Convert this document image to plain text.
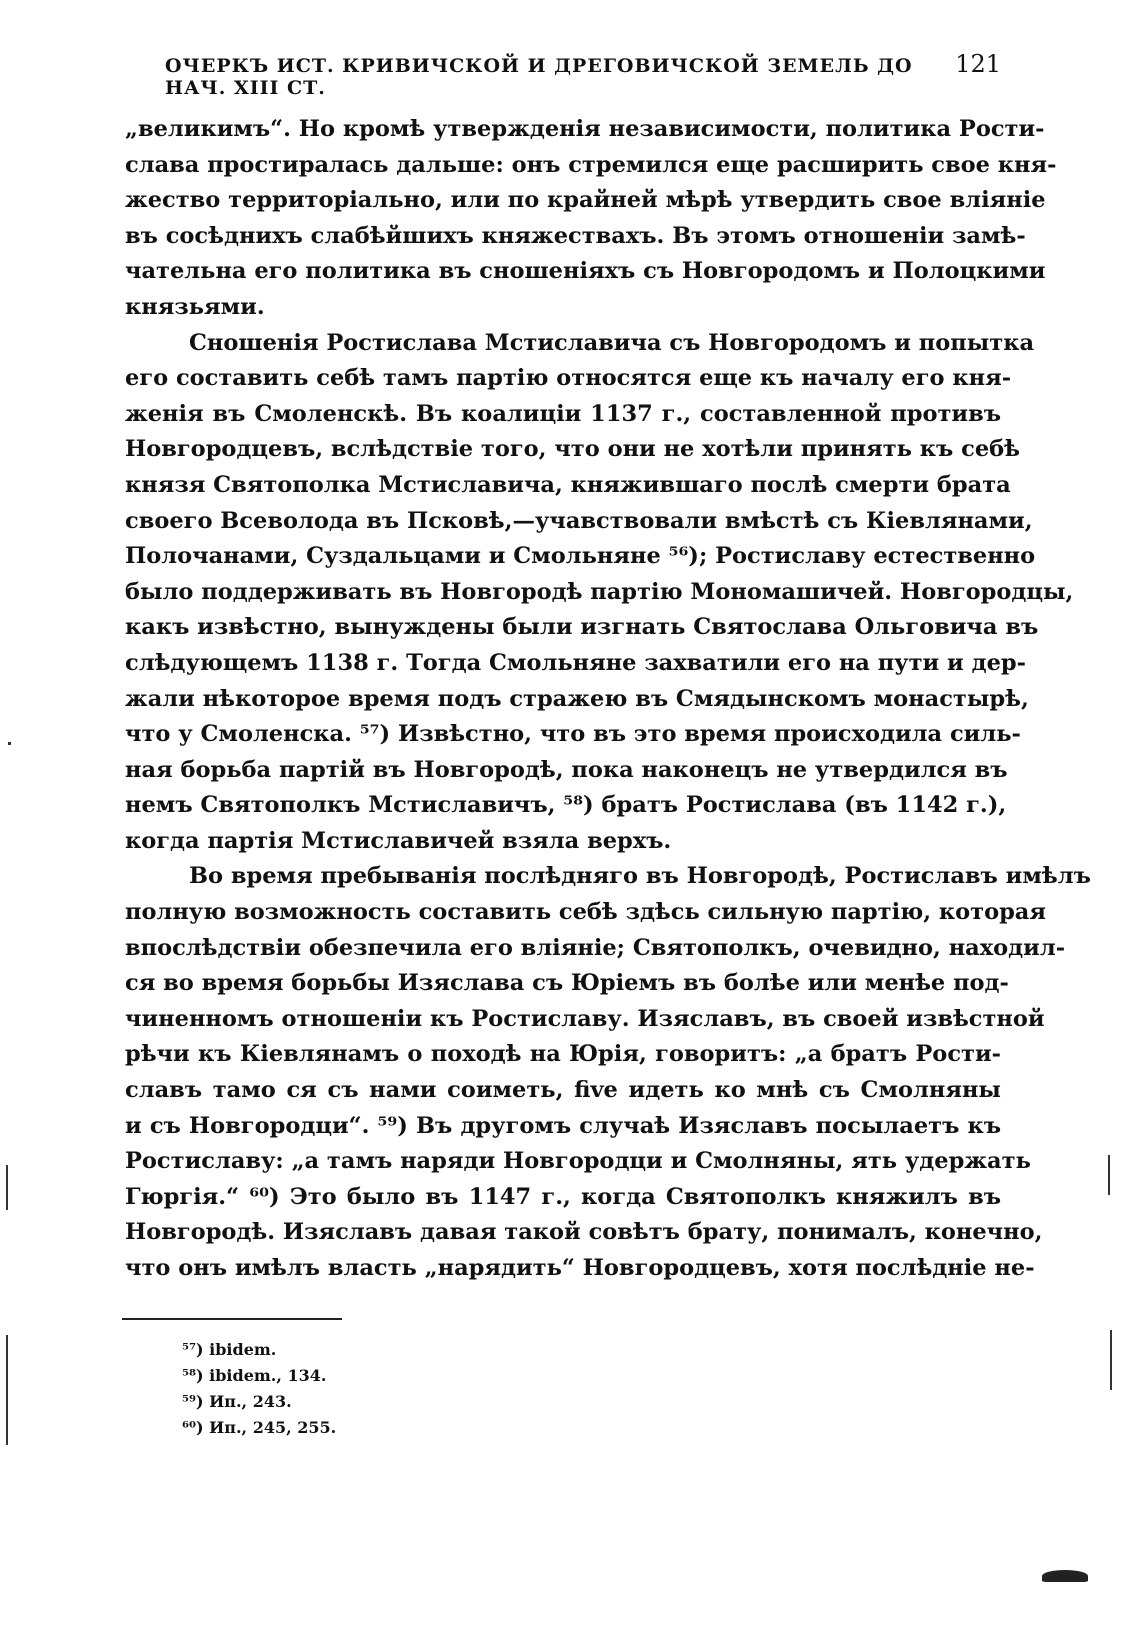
ОЧЕРКЪ ИСТ. КРИВИЧСКОЙ И ДРЕГОВИЧСКОЙ ЗЕМЕЛЬ ДО НАЧ. XIII СТ.
121
„великимъ“. Но кромѣ утвержденія независимости, политика Рости-
слава простиралась дальше: онъ стремился еще расширить свое кня-
жество территоріально, или по крайней мѣрѣ утвердить свое вліяніе
въ сосѣднихъ слабѣйшихъ княжествахъ. Въ этомъ отношеніи замѣ-
чательна его политика въ сношеніяхъ съ Новгородомъ и Полоцкими
князьями.
Сношенія Ростислава Мстиславича съ Новгородомъ и попытка
его составить себѣ тамъ партію относятся еще къ началу его кня-
женія въ Смоленскѣ. Въ коалиціи 1137 г., составленной противъ
Новгородцевъ, вслѣдствіе того, что они не хотѣли принять къ себѣ
князя Святополка Мстиславича, княжившаго послѣ смерти брата
своего Всеволода въ Псковѣ,—учавствовали вмѣстѣ съ Кіевлянами,
Полочанами, Суздальцами и Смольняне ⁵⁶); Ростиславу естественно
было поддерживать въ Новгородѣ партію Мономашичей. Новгородцы,
какъ извѣстно, вынуждены были изгнать Святослава Ольговича въ
слѣдующемъ 1138 г. Тогда Смольняне захватили его на пути и дер-
жали нѣкоторое время подъ стражею въ Смядынскомъ монастырѣ,
что у Смоленска. ⁵⁷) Извѣстно, что въ это время происходила силь-
ная борьба партій въ Новгородѣ, пока наконецъ не утвердился въ
немъ Святополкъ Мстиславичъ, ⁵⁸) братъ Ростислава (въ 1142 г.),
когда партія Мстиславичей взяла верхъ.
Во время пребыванія послѣдняго въ Новгородѣ, Ростиславъ имѣлъ
полную возможность составить себѣ здѣсь сильную партію, которая
впослѣдствіи обезпечила его вліяніе; Святополкъ, очевидно, находил-
ся во время борьбы Изяслава съ Юріемъ въ болѣе или менѣе под-
чиненномъ отношеніи къ Ростиславу. Изяславъ, въ своей извѣстной
рѣчи къ Кіевлянамъ о походѣ на Юрія, говоритъ: „а братъ Рости-
славъ тамо ся съ нами соиметь, five идеть ко мнѣ съ Смолняны
и съ Новгородци“. ⁵⁹) Въ другомъ случаѣ Изяславъ посылаетъ къ
Ростиславу: „а тамъ наряди Новгородци и Смолняны, ять удержать
Гюргія.“ ⁶⁰) Это было въ 1147 г., когда Святополкъ княжилъ въ
Новгородѣ. Изяславъ давая такой совѣтъ брату, понималъ, конечно,
что онъ имѣлъ власть „нарядить“ Новгородцевъ, хотя послѣдніе не-
⁵⁷) ibidem.
⁵⁸) ibidem., 134.
⁵⁹) Ип., 243.
⁶⁰) Ип., 245, 255.
